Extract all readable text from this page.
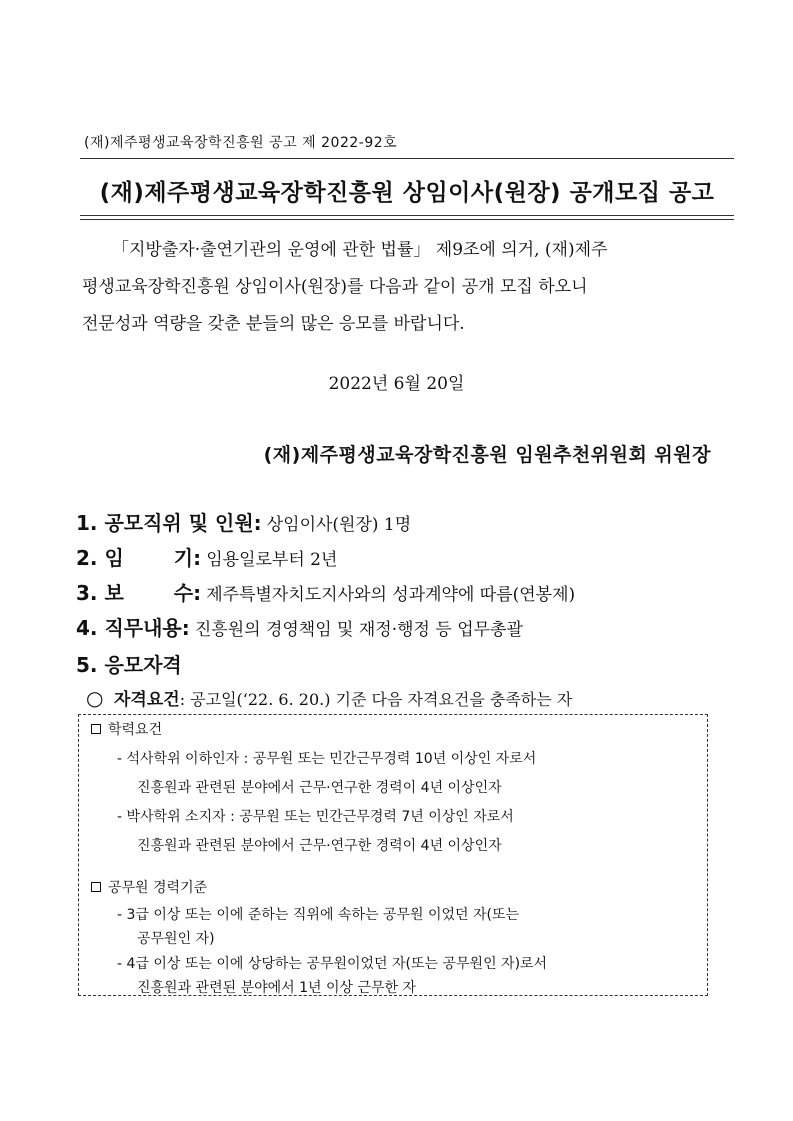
(재)제주평생교육장학진흥원 공고 제 2022-92호
(재)제주평생교육장학진흥원 상임이사(원장) 공개모집 공고

「지방출자·출연기관의 운영에 관한 법률」 제9조에 의거, (재)제주

평생교육장학진흥원 상임이사(원장)를 다음과 같이 공개 모집 하오니

전문성과 역량을 갖춘 분들의 많은 응모를 바랍니다.

2022년 6월 20일
(재)제주평생교육장학진흥원 임원추천위원회 위원장
1. 공모직위 및 인원: 상임이사(원장) 1명
2. 임	기: 임용일로부터 2년
3. 보	수: 제주특별자치도지사와의 성과계약에 따름(연봉제)
4. 직무내용: 진흥원의 경영책임 및 재정·행정 등 업무총괄
5. 응모자격
○ 자격요건: 공고일(‘22. 6. 20.) 기준 다음 자격요건을 충족하는 자
학력요건
- 석사학위 이하인자 : 공무원 또는 민간근무경력 10년 이상인 자로서
진흥원과 관련된 분야에서 근무·연구한 경력이 4년 이상인자
- 박사학위 소지자 : 공무원 또는 민간근무경력 7년 이상인 자로서
진흥원과 관련된 분야에서 근무·연구한 경력이 4년 이상인자
공무원 경력기준
- 3급 이상 또는 이에 준하는 직위에 속하는 공무원 이었던 자(또는
공무원인 자)
- 4급 이상 또는 이에 상당하는 공무원이었던 자(또는 공무원인 자)로서
진흥원과 관련된 분야에서 1년 이상 근무한 자
